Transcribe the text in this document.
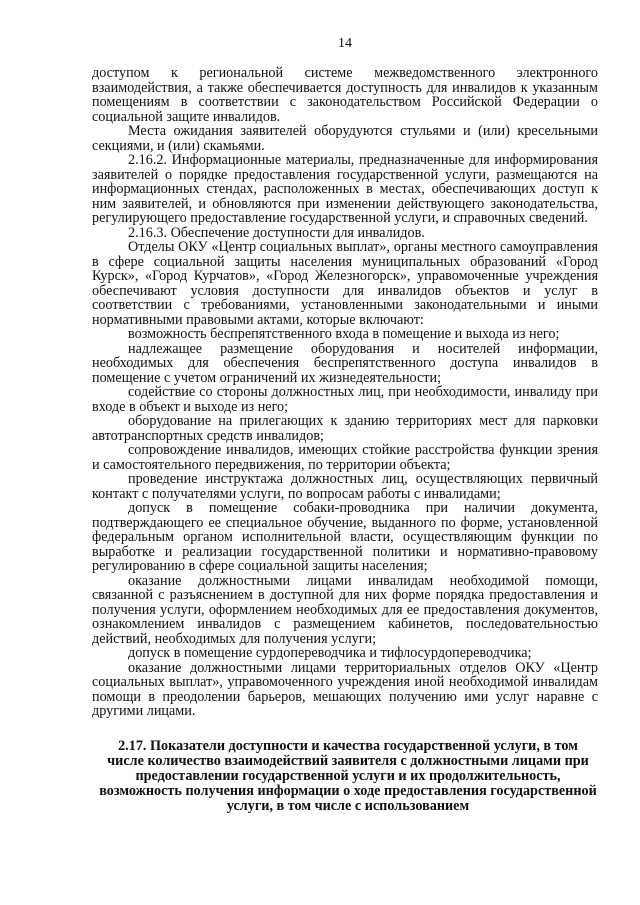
14

доступом к региональной системе межведомственного электронного взаимодействия, а также обеспечивается доступность для инвалидов к указанным помещениям в соответствии с законодательством Российской Федерации о социальной защите инвалидов.

Места ожидания заявителей оборудуются стульями и (или) кресельными секциями, и (или) скамьями.

2.16.2. Информационные материалы, предназначенные для информирования заявителей о порядке предоставления государственной услуги, размещаются на информационных стендах, расположенных в местах, обеспечивающих доступ к ним заявителей, и обновляются при изменении действующего законодательства, регулирующего предоставление государственной услуги, и справочных сведений.

2.16.3. Обеспечение доступности для инвалидов.

Отделы ОКУ «Центр социальных выплат», органы местного самоуправления в сфере социальной защиты населения муниципальных образований «Город Курск», «Город Курчатов», «Город Железногорск», управомоченные учреждения обеспечивают условия доступности для инвалидов объектов и услуг в соответствии с требованиями, установленными законодательными и иными нормативными правовыми актами, которые включают:

возможность беспрепятственного входа в помещение и выхода из него;

надлежащее размещение оборудования и носителей информации, необходимых для обеспечения беспрепятственного доступа инвалидов в помещение с учетом ограничений их жизнедеятельности;

содействие со стороны должностных лиц, при необходимости, инвалиду при входе в объект и выходе из него;

оборудование на прилегающих к зданию территориях мест для парковки автотранспортных средств инвалидов;

сопровождение инвалидов, имеющих стойкие расстройства функции зрения и самостоятельного передвижения, по территории объекта;

проведение инструктажа должностных лиц, осуществляющих первичный контакт с получателями услуги, по вопросам работы с инвалидами;

допуск в помещение собаки-проводника при наличии документа, подтверждающего ее специальное обучение, выданного по форме, установленной федеральным органом исполнительной власти, осуществляющим функции по выработке и реализации государственной политики и нормативно-правовому регулированию в сфере социальной защиты населения;

оказание должностными лицами инвалидам необходимой помощи, связанной с разъяснением в доступной для них форме порядка предоставления и получения услуги, оформлением необходимых для ее предоставления документов, ознакомлением инвалидов с размещением кабинетов, последовательностью действий, необходимых для получения услуги;

допуск в помещение сурдопереводчика и тифлосурдопереводчика;

оказание должностными лицами территориальных отделов ОКУ «Центр социальных выплат», управомоченного учреждения иной необходимой инвалидам помощи в преодолении барьеров, мешающих получению ими услуг наравне с другими лицами.

2.17. Показатели доступности и качества государственной услуги, в том числе количество взаимодействий заявителя с должностными лицами при предоставлении государственной услуги и их продолжительность, возможность получения информации о ходе предоставления государственной услуги, в том числе с использованием
